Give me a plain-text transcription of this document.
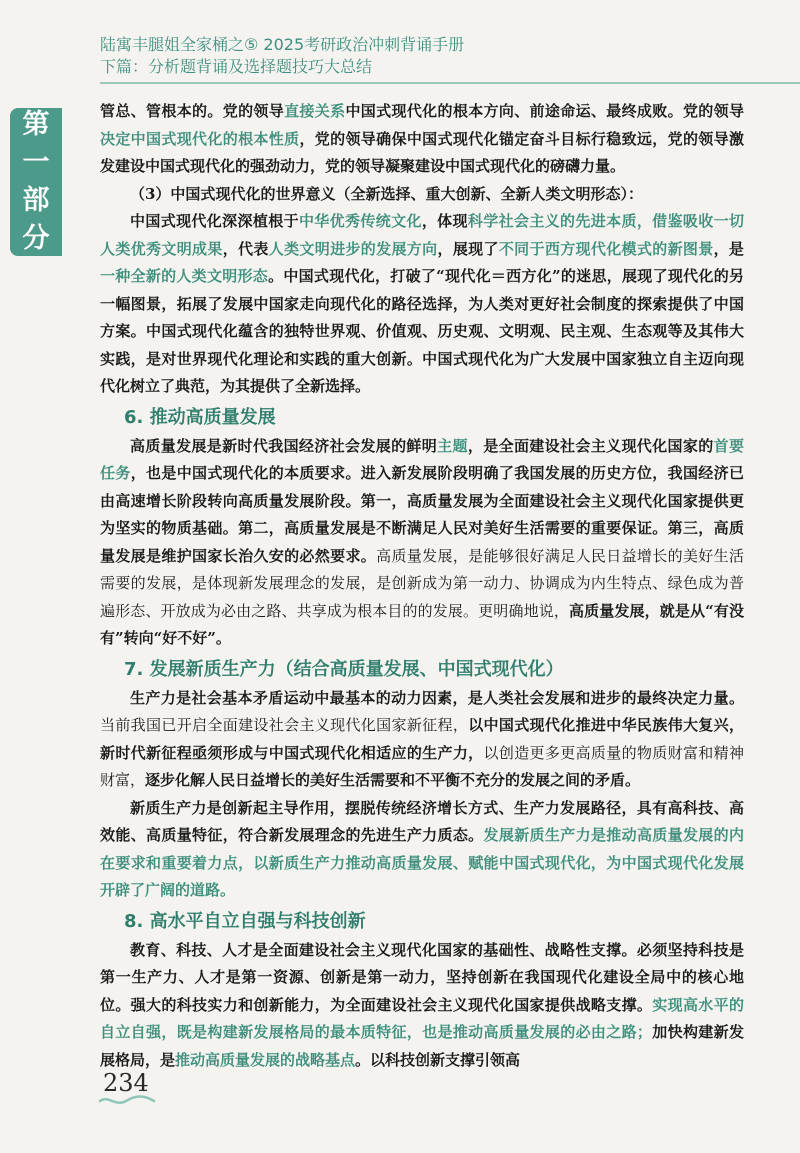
陆寓丰腿姐全家桶之⑤ 2025考研政治冲刺背诵手册
下篇：分析题背诵及选择题技巧大总结
第
一
部
分

管总、管根本的。党的领导直接关系中国式现代化的根本方向、前途命运、最终成败。党的领导决定中国式现代化的根本性质，党的领导确保中国式现代化锚定奋斗目标行稳致远，党的领导激发建设中国式现代化的强劲动力，党的领导凝聚建设中国式现代化的磅礴力量。

（3）中国式现代化的世界意义（全新选择、重大创新、全新人类文明形态）：

中国式现代化深深植根于中华优秀传统文化，体现科学社会主义的先进本质，借鉴吸收一切人类优秀文明成果，代表人类文明进步的发展方向，展现了不同于西方现代化模式的新图景，是一种全新的人类文明形态。中国式现代化，打破了“现代化＝西方化”的迷思，展现了现代化的另一幅图景，拓展了发展中国家走向现代化的路径选择，为人类对更好社会制度的探索提供了中国方案。中国式现代化蕴含的独特世界观、价值观、历史观、文明观、民主观、生态观等及其伟大实践，是对世界现代化理论和实践的重大创新。中国式现代化为广大发展中国家独立自主迈向现代化树立了典范，为其提供了全新选择。

6. 推动高质量发展

高质量发展是新时代我国经济社会发展的鲜明主题，是全面建设社会主义现代化国家的首要任务，也是中国式现代化的本质要求。进入新发展阶段明确了我国发展的历史方位，我国经济已由高速增长阶段转向高质量发展阶段。第一，高质量发展为全面建设社会主义现代化国家提供更为坚实的物质基础。第二，高质量发展是不断满足人民对美好生活需要的重要保证。第三，高质量发展是维护国家长治久安的必然要求。高质量发展，是能够很好满足人民日益增长的美好生活需要的发展，是体现新发展理念的发展，是创新成为第一动力、协调成为内生特点、绿色成为普遍形态、开放成为必由之路、共享成为根本目的的发展。更明确地说，高质量发展，就是从“有没有”转向“好不好”。

7. 发展新质生产力（结合高质量发展、中国式现代化）

生产力是社会基本矛盾运动中最基本的动力因素，是人类社会发展和进步的最终决定力量。当前我国已开启全面建设社会主义现代化国家新征程，以中国式现代化推进中华民族伟大复兴，新时代新征程亟须形成与中国式现代化相适应的生产力，以创造更多更高质量的物质财富和精神财富，逐步化解人民日益增长的美好生活需要和不平衡不充分的发展之间的矛盾。

新质生产力是创新起主导作用，摆脱传统经济增长方式、生产力发展路径，具有高科技、高效能、高质量特征，符合新发展理念的先进生产力质态。发展新质生产力是推动高质量发展的内在要求和重要着力点，以新质生产力推动高质量发展、赋能中国式现代化，为中国式现代化发展开辟了广阔的道路。

8. 高水平自立自强与科技创新

教育、科技、人才是全面建设社会主义现代化国家的基础性、战略性支撑。必须坚持科技是第一生产力、人才是第一资源、创新是第一动力，坚持创新在我国现代化建设全局中的核心地位。强大的科技实力和创新能力，为全面建设社会主义现代化国家提供战略支撑。实现高水平的自立自强，既是构建新发展格局的最本质特征，也是推动高质量发展的必由之路；加快构建新发展格局，是推动高质量发展的战略基点。以科技创新支撑引领高

234
